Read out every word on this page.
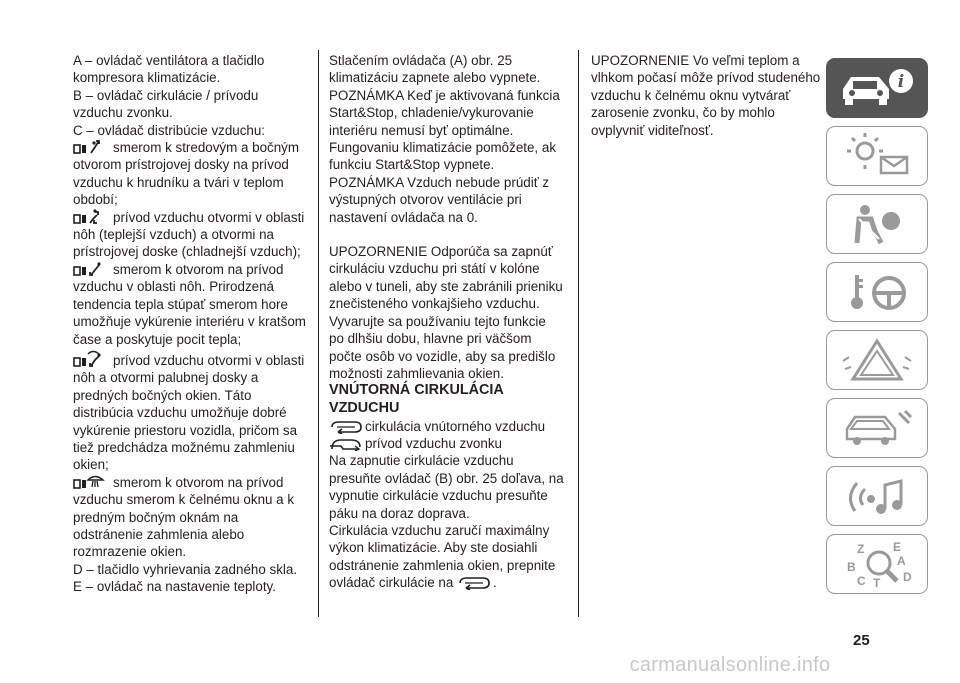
A – ovládač ventilátora a tlačidlo kompresora klimatizácie.

B – ovládač cirkulácie / prívodu vzduchu zvonku.

C – ovládač distribúcie vzduchu:

smerom k stredovým a bočným otvorom prístrojovej dosky na prívod vzduchu k hrudníku a tvári v teplom období;

prívod vzduchu otvormi v oblasti nôh (teplejší vzduch) a otvormi na prístrojovej doske (chladnejší vzduch);

smerom k otvorom na prívod vzduchu v oblasti nôh. Prirodzená tendencia tepla stúpať smerom hore umožňuje vykúrenie interiéru v kratšom čase a poskytuje pocit tepla;

prívod vzduchu otvormi v oblasti nôh a otvormi palubnej dosky a predných bočných okien. Táto distribúcia vzduchu umožňuje dobré vykúrenie priestoru vozidla, pričom sa tiež predchádza možnému zahmleniu okien;

smerom k otvorom na prívod vzduchu smerom k čelnému oknu a k predným bočným oknám na odstránenie zahmlenia alebo rozmrazenie okien.

D – tlačidlo vyhrievania zadného skla.

E – ovládač na nastavenie teploty.

Stlačením ovládača (A) obr. 25 klimatizáciu zapnete alebo vypnete.

POZNÁMKA Keď je aktivovaná funkcia Start&Stop, chladenie/vykurovanie interiéru nemusí byť optimálne. Fungovaniu klimatizácie pomôžete, ak funkciu Start&Stop vypnete.

POZNÁMKA Vzduch nebude prúdiť z výstupných otvorov ventilácie pri nastavení ovládača na 0.

UPOZORNENIE Odporúča sa zapnúť cirkuláciu vzduchu pri státí v kolóne alebo v tuneli, aby ste zabránili prieniku znečisteného vonkajšieho vzduchu. Vyvarujte sa používaniu tejto funkcie po dlhšiu dobu, hlavne pri väčšom počte osôb vo vozidle, aby sa predišlo možnosti zahmlievania okien.

VNÚTORNÁ CIRKULÁCIA VZDUCHU

cirkulácia vnútorného vzduchu

prívod vzduchu zvonku

Na zapnutie cirkulácie vzduchu presuňte ovládač (B) obr. 25 doľava, na vypnutie cirkulácie vzduchu presuňte páku na doraz doprava.

Cirkulácia vzduchu zaručí maximálny výkon klimatizácie. Aby ste dosiahli odstránenie zahmlenia okien, prepnite ovládač cirkulácie na	.

UPOZORNENIE Vo veľmi teplom a vlhkom počasí môže prívod studeného vzduchu k čelnému oknu vytvárať zarosenie zvonku, čo by mohlo ovplyvniť viditeľnosť.

i
Z E
B	A
C T D
25
carmanualsonline.info
